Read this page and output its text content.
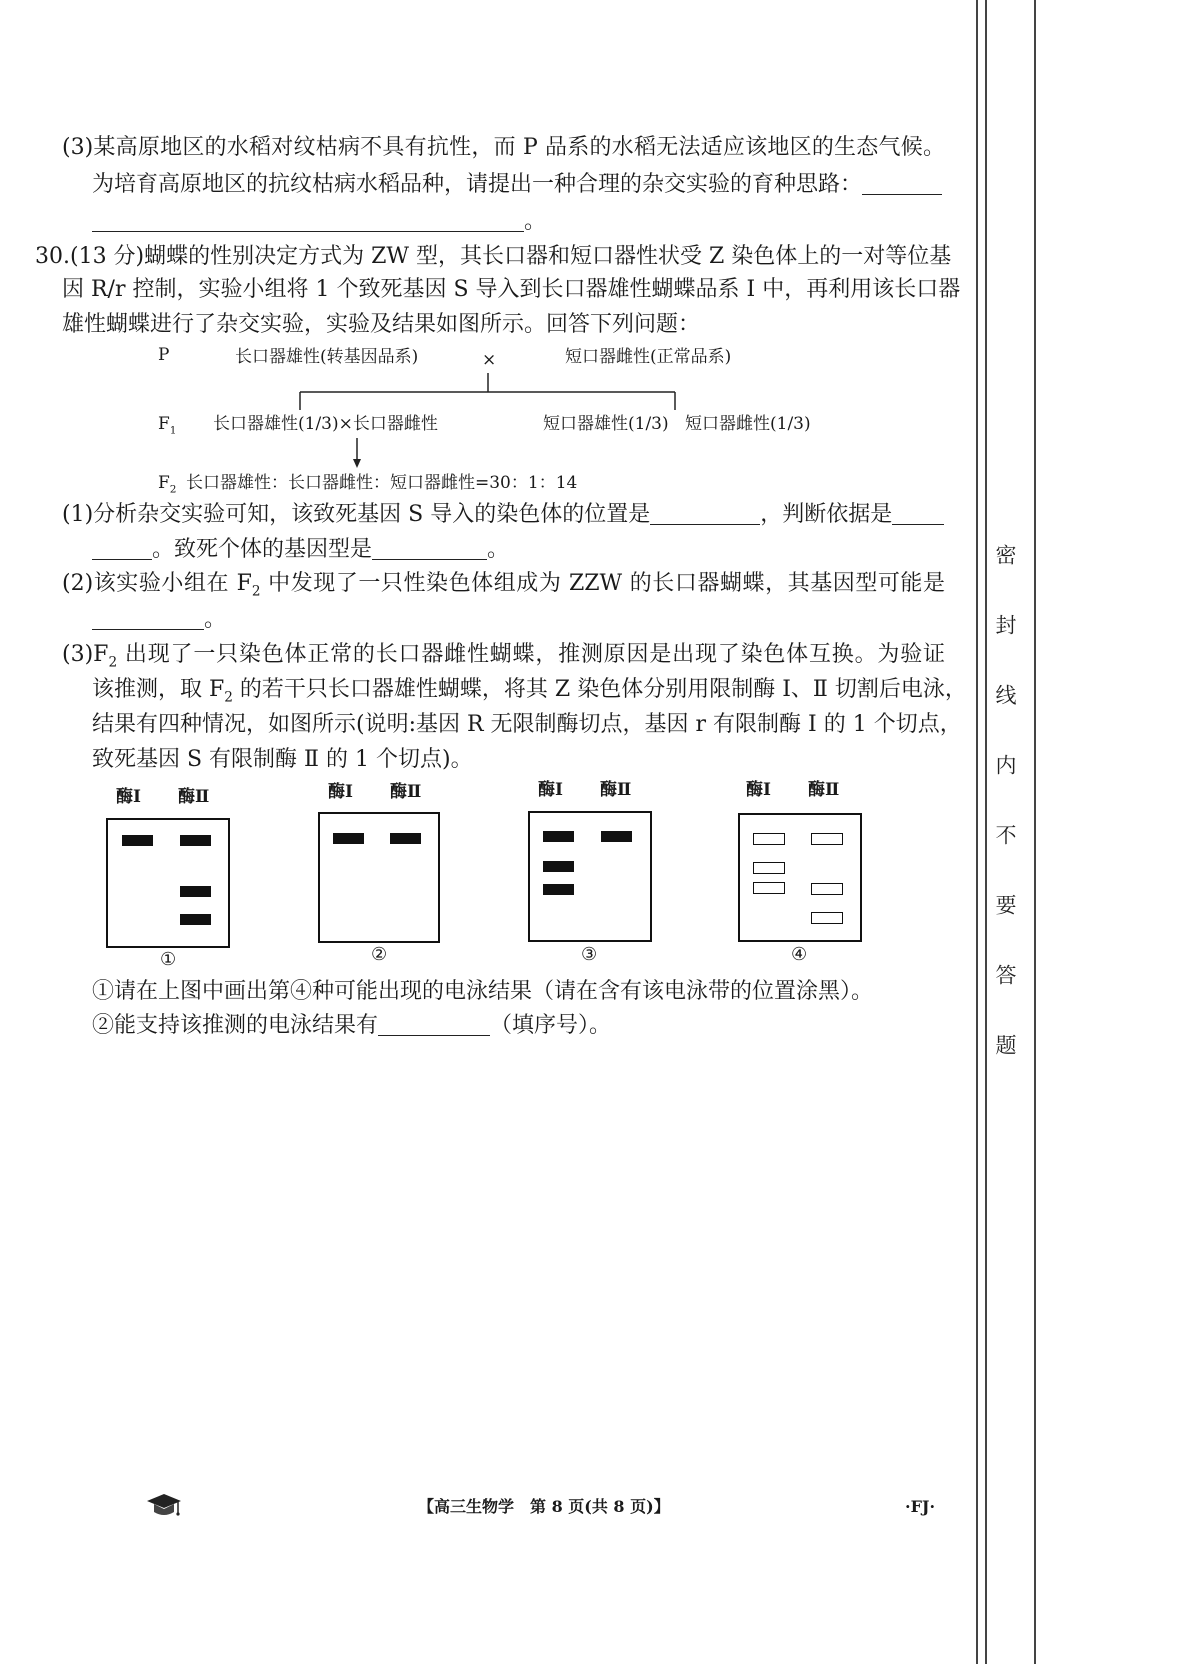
(3)某高原地区的水稻对纹枯病不具有抗性，而 P 品系的水稻无法适应该地区的生态气候。
为培育高原地区的抗纹枯病水稻品种，请提出一种合理的杂交实验的育种思路：
。
30.(13 分)蝴蝶的性别决定方式为 ZW 型，其长口器和短口器性状受 Z 染色体上的一对等位基
因 R/r 控制，实验小组将 1 个致死基因 S 导入到长口器雄性蝴蝶品系 Ⅰ 中，再利用该长口器
雄性蝴蝶进行了杂交实验，实验及结果如图所示。回答下列问题：
P	长口器雄性(转基因品系)	×	短口器雌性(正常品系)
$F_1$ 长口器雄性(1/3)×长口器雌性	短口器雄性(1/3) 短口器雌性(1/3)
$F_2$ 长口器雄性：长口器雌性：短口器雌性=30：1：14
(1)分析杂交实验可知，该致死基因 S 导入的染色体的位置是	，判断依据是
。致死个体的基因型是	。
(2)该实验小组在 $F_2$ 中发现了一只性染色体组成为 ZZW 的长口器蝴蝶，其基因型可能是
。
$(3)F_2$ 出现了一只染色体正常的长口器雌性蝴蝶，推测原因是出现了染色体互换。为验证
该推测，取 $F_2$ 的若干只长口器雄性蝴蝶，将其 Z 染色体分别用限制酶 Ⅰ、Ⅱ 切割后电泳，
结果有四种情况，如图所示(说明:基因 R 无限制酶切点，基因 r 有限制酶 Ⅰ 的 1 个切点，
致死基因 S 有限制酶 Ⅱ 的 1 个切点)。
酶Ⅰ 酶Ⅱ
①
酶Ⅰ 酶Ⅱ
②
酶Ⅰ 酶Ⅱ
③
酶Ⅰ 酶Ⅱ
④
①请在上图中画出第④种可能出现的电泳结果（请在含有该电泳带的位置涂黑）。
②能支持该推测的电泳结果有	（填序号）。
【高三生物学　第 8 页(共 8 页)】	·FJ·
密封线内不要答题
